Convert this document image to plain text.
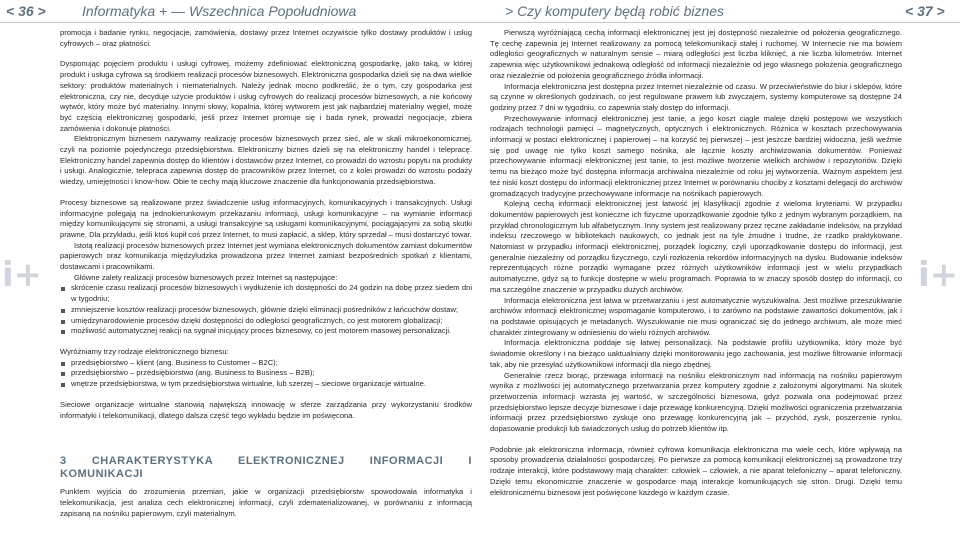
< 36 >	Informatyka + — Wszechnica Popołudniowa	> Czy komputery będą robić biznes	< 37 >
i+	i+

promocja i badanie rynku, negocjacje, zamówienia, dostawy przez Internet oczywiście tylko dostawy produktów i usług cyfrowych – oraz płatności.

Dysponując pojęciem produktu i usługi cyfrowej, możemy zdefiniować elektroniczną gospodarkę, jako taką, w której produkt i usługa cyfrowa są środkiem realizacji procesów biznesowych. Elektroniczna gospodarka dzieli się na dwa wielkie sektory: produktów materialnych i niematerialnych. Należy jednak mocno podkreślić, że o tym, czy gospodarka jest elektroniczna, czy nie, decyduje użycie produktów i usług cyfrowych do realizacji procesów biznesowych, a nie końcowy wytwór, który może być materialny. Innymi słowy, kopalnia, której wytworem jest jak najbardziej materialny węgiel, może być częścią elektronicznej gospodarki, jeśli przez Internet promuje się i bada rynek, prowadzi negocjacje, zbiera zamówienia i dokonuje płatności.

Elektronicznym biznesem nazywamy realizację procesów biznesowych przez sieć, ale w skali mikroekonomicznej, czyli na poziomie pojedynczego przedsiębiorstwa. Elektroniczny biznes dzieli się na elektroniczny handel i telepracę. Elektroniczny handel zapewnia dostęp do klientów i dostawców przez Internet, co prowadzi do wzrostu popytu na produkty i usługi. Analogicznie, telepraca zapewnia dostęp do pracowników przez Internet, co z kolei prowadzi do wzrostu podaży wiedzy, umiejętności i know-how. Obie te cechy mają kluczowe znaczenie dla funkcjonowania przedsiębiorstwa.

Procesy biznesowe są realizowane przez świadczenie usług informacyjnych, komunikacyjnych i transakcyjnych. Usługi informacyjne polegają na jednokierunkowym przekazaniu informacji, usługi komunikacyjne – na wymianie informacji między komunikującymi się stronami, a usługi transakcyjne są usługami komunikacyjnymi, pociągającymi za sobą skutki prawne. Dla przykładu, jeśli ktoś kupił coś przez Internet, to musi zapłacić, a sklep, który sprzedał – musi dostarczyć towar.

Istotą realizacji procesów biznesowych przez Internet jest wymiana elektronicznych dokumentów zamiast dokumentów papierowych oraz komunikacja międzyludzka prowadzona przez Internet zamiast bezpośrednich spotkań z klientami, dostawcami i pracownikami.

Główne zalety realizacji procesów biznesowych przez Internet są następujące:

skrócenie czasu realizacji procesów biznesowych i wydłużenie ich dostępności do 24 godzin na dobę przez siedem dni w tygodniu;
zmniejszenie kosztów realizacji procesów biznesowych, głównie dzięki eliminacji pośredników z łańcuchów dostaw;
umiędzynarodowienie procesów dzięki dostępności do odległości geograficznych, co jest motorem globalizacji;
możliwość automatycznej reakcji na sygnał inicjujący proces biznesowy, co jest motorem masowej personalizacji.

Wyróżniamy trzy rodzaje elektronicznego biznesu:

przedsiębiorstwo – klient (ang. Business to Customer – B2C);
przedsiębiorstwo – przedsiębiorstwo (ang. Business to Business – B2B);
wnętrze przedsiębiorstwa, w tym przedsiębiorstwa wirtualne, lub szerzej – sieciowe organizacje wirtualne.

Sieciowe organizacje wirtualne stanowią największą innowację w sferze zarządzania przy wykorzystaniu środków informatyki i telekomunikacji, dlatego dalsza część tego wykładu będzie im poświęcona.

3 CHARAKTERYSTYKA ELEKTRONICZNEJ INFORMACJI I KOMUNIKACJI

Punktem wyjścia do zrozumienia przemian, jakie w organizacji przedsiębiorstw spowodowała informatyka i telekomunikacja, jest analiza cech elektronicznej informacji, czyli zdematerializowanej, w porównaniu z informacją zapisaną na nośniku papierowym, czyli materialnym.

Pierwszą wyróżniającą cechą informacji elektronicznej jest jej dostępność niezależnie od położenia geograficznego. Tę cechę zapewnia jej Internet realizowany za pomocą telekomunikacji stałej i ruchomej. W Internecie nie ma bowiem odległości geograficznych w naturalnym sensie – miarą odległości jest liczba kliknięć, a nie liczba kilometrów. Internet zapewnia więc użytkownikowi jednakową odległość od informacji niezależnie od jego własnego położenia geograficznego oraz niezależnie od położenia geograficznego źródła informacji.

Informacja elektroniczna jest dostępna przez Internet niezależnie od czasu. W przeciwieństwie do biur i sklepów, które są czynne w określonych godzinach, co jest regulowane prawem lub zwyczajem, systemy komputerowe są dostępne 24 godziny przez 7 dni w tygodniu, co zapewnia stały dostęp do informacji.

Przechowywanie informacji elektronicznej jest tanie, a jego koszt ciągle maleje dzięki postępowi we wszystkich rodzajach technologii pamięci – magnetycznych, optycznych i elektronicznych. Różnica w kosztach przechowywania informacji w postaci elektronicznej i papierowej – na korzyść tej pierwszej – jest jeszcze bardziej widoczna, jeśli weźmie się pod uwagę nie tylko koszt samego nośnika, ale łącznie koszty archiwizowania dokumentów. Ponieważ przechowywanie informacji elektronicznej jest tanie, to jest możliwe tworzenie wielkich archiwów i repozytoriów. Dzięki temu na bieżąco może być dostępna informacja archiwalna niezależnie od roku jej wytworzenia. Ważnym aspektem jest też niski koszt dostępu do informacji elektronicznej przez Internet w porównaniu chociby z kosztami delegacji do archiwów gromadzących tradycyjne przechowywane informacje na nośnikach papierowych.

Kolejną cechą informacji elektronicznej jest łatwość jej klasyfikacji zgodnie z wieloma kryteriami. W przypadku dokumentów papierowych jest konieczne ich fizyczne uporządkowanie zgodnie tylko z jednym wybranym porządkiem, na przykład chronologicznym lub alfabetycznym. Inny system jest realizowany przez ręczne zakładanie indeksów, na przykład indeksu rzeczowego w bibliotekach naukowych, co jednak jest na tyle żmudne i trudne, że rzadko praktykowane. Natomiast w przypadku informacji elektronicznej, porządek logiczny, czyli uporządkowanie dostępu do informacji, jest generalnie niezależny od porządku fizycznego, czyli rozłożenia rekordów informacyjnych na dysku. Budowanie indeksów reprezentujących różne porządki wymagane przez różnych użytkowników informacji jest w wielu przypadkach automatyczne, gdyż są to funkcje dostępne w wielu programach. Poprawia to w znaczy sposób dostęp do informacji, co ma szczególne znaczenie w przypadku dużych archiwów.

Informacja elektroniczna jest łatwa w przetwarzaniu i jest automatycznie wyszukiwalna. Jest możliwe przeszukiwanie archiwów informacji elektronicznej wspomaganie komputerowo, i to zarówno na podstawie zawartości dokumentów, jak i na podstawie opisujących je metadanych. Wyszukiwanie nie musi ograniczać się do jednego archiwum, ale może mieć charakter zintegrowany w odniesieniu do wielu różnych archiwów.

Informacja elektroniczna poddaje się łatwej personalizacji. Na podstawie profilu użytkownika, który może być świadomie określony i na bieżąco uaktualniany dzięki monitorowaniu jego zachowania, jest możliwe filtrowanie informacji tak, aby nie przesyłać użytkownikowi informacji dla niego zbędnej.

Generalnie rzecz biorąc, przewaga informacji na nośniku elektronicznym nad informacją na nośniku papierowym wynika z możliwości jej automatycznego przetwarzania przez komputery zgodnie z założonymi algorytmami. Na skutek przetworzenia informacji wzrasta jej wartość, w szczególności biznesowa, gdyż pozwala ona podejmować przez przedsiębiorstwo lepsze decyzje biznesowe i daje przewagę konkurencyjną. Dzięki możliwości ograniczenia przetwarzania informacji przez przedsiębiorstwo zyskuje ono przewagę konkurencyjną jak – przychód, zysk, poszerzenie rynku, dopasowanie produkcji lub świadczonych usług do potrzeb klientów itp.

Podobnie jak elektroniczna informacja, również cyfrowa komunikacja elektroniczna ma wiele cech, które wpływają na sposoby prowadzenia działalności gospodarczej. Po pierwsze za pomocą komunikacji elektronicznej są prowadzone trzy rodzaje interakcji, które podstawowy mają charakter: człowiek – człowiek, a nie aparat telefoniczny – aparat telefoniczny. Dzięki temu ekonomicznie znaczenie w gospodarce mają interakcje komunikujących się stron. Drugi. Dzięki temu elektronicznemu biznesowi jest poświęcone każdego w każdym czasie.
